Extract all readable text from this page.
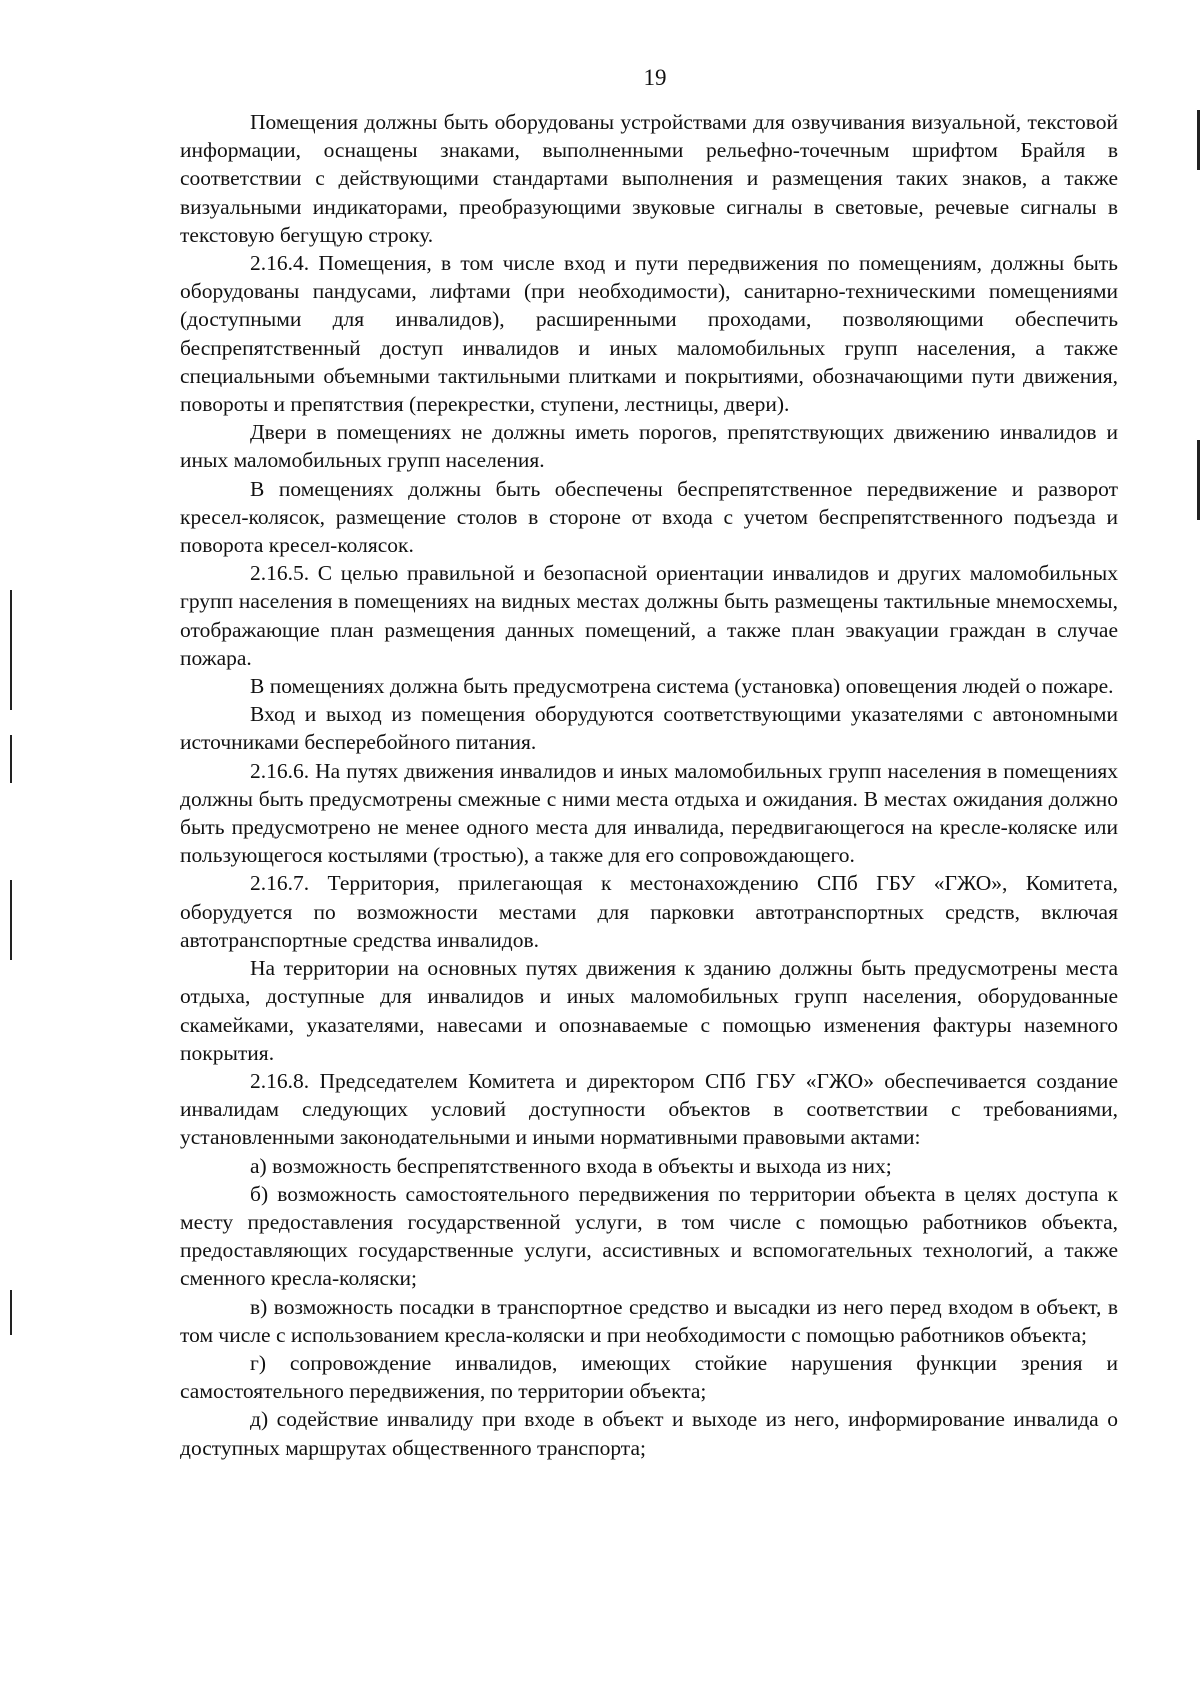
19

Помещения должны быть оборудованы устройствами для озвучивания визуальной, текстовой информации, оснащены знаками, выполненными рельефно-точечным шрифтом Брайля в соответствии с действующими стандартами выполнения и размещения таких знаков, а также визуальными индикаторами, преобразующими звуковые сигналы в световые, речевые сигналы в текстовую бегущую строку.

2.16.4. Помещения, в том числе вход и пути передвижения по помещениям, должны быть оборудованы пандусами, лифтами (при необходимости), санитарно-техническими помещениями (доступными для инвалидов), расширенными проходами, позволяющими обеспечить беспрепятственный доступ инвалидов и иных маломобильных групп населения, а также специальными объемными тактильными плитками и покрытиями, обозначающими пути движения, повороты и препятствия (перекрестки, ступени, лестницы, двери).

Двери в помещениях не должны иметь порогов, препятствующих движению инвалидов и иных маломобильных групп населения.

В помещениях должны быть обеспечены беспрепятственное передвижение и разворот кресел-колясок, размещение столов в стороне от входа с учетом беспрепятственного подъезда и поворота кресел-колясок.

2.16.5. С целью правильной и безопасной ориентации инвалидов и других маломобильных групп населения в помещениях на видных местах должны быть размещены тактильные мнемосхемы, отображающие план размещения данных помещений, а также план эвакуации граждан в случае пожара.

В помещениях должна быть предусмотрена система (установка) оповещения людей о пожаре.

Вход и выход из помещения оборудуются соответствующими указателями с автономными источниками бесперебойного питания.

2.16.6. На путях движения инвалидов и иных маломобильных групп населения в помещениях должны быть предусмотрены смежные с ними места отдыха и ожидания. В местах ожидания должно быть предусмотрено не менее одного места для инвалида, передвигающегося на кресле-коляске или пользующегося костылями (тростью), а также для его сопровождающего.

2.16.7. Территория, прилегающая к местонахождению СПб ГБУ «ГЖО», Комитета, оборудуется по возможности местами для парковки автотранспортных средств, включая автотранспортные средства инвалидов.

На территории на основных путях движения к зданию должны быть предусмотрены места отдыха, доступные для инвалидов и иных маломобильных групп населения, оборудованные скамейками, указателями, навесами и опознаваемые с помощью изменения фактуры наземного покрытия.

2.16.8. Председателем Комитета и директором СПб ГБУ «ГЖО» обеспечивается создание инвалидам следующих условий доступности объектов в соответствии с требованиями, установленными законодательными и иными нормативными правовыми актами:

а) возможность беспрепятственного входа в объекты и выхода из них;

б) возможность самостоятельного передвижения по территории объекта в целях доступа к месту предоставления государственной услуги, в том числе с помощью работников объекта, предоставляющих государственные услуги, ассистивных и вспомогательных технологий, а также сменного кресла-коляски;

в) возможность посадки в транспортное средство и высадки из него перед входом в объект, в том числе с использованием кресла-коляски и при необходимости с помощью работников объекта;

г) сопровождение инвалидов, имеющих стойкие нарушения функции зрения и самостоятельного передвижения, по территории объекта;

д) содействие инвалиду при входе в объект и выходе из него, информирование инвалида о доступных маршрутах общественного транспорта;
